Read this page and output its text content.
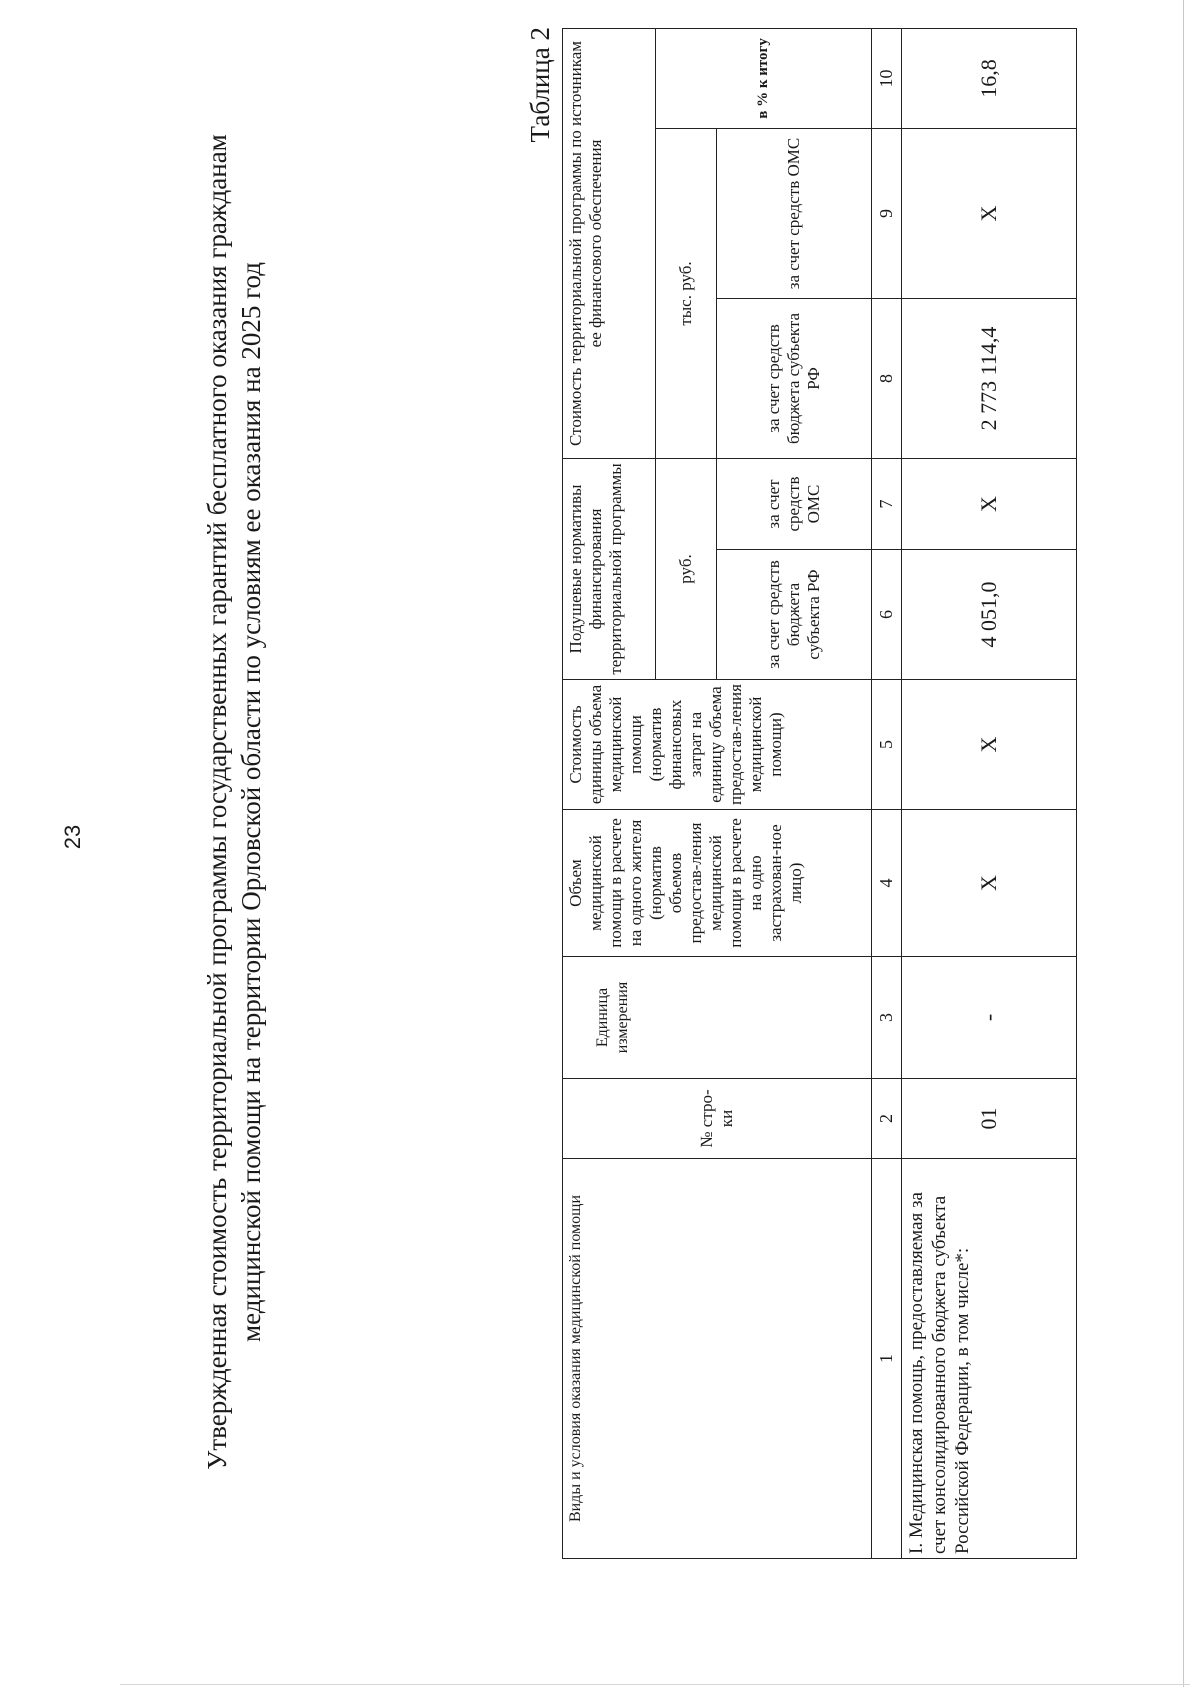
23	Утвержденная стоимость территориальной программы государственных гарантий бесплатного оказания гражданам медицинской помощи на территории Орловской области по условиям ее оказания на 2025 год
Таблица 2
Виды и условия оказания медицинской помощи	№ стро-ки	Единица измерения	Объем медицинской помощи в расчете на одного жителя (норматив объемов предостав-ления медицинской помощи в расчете на одно застрахован-ное лицо)	Стоимость единицы объема медицинской помощи (норматив финансовых затрат на единицу объема предостав-ления медицинской помощи)	Подушевые нормативы финансирования территориальной программы		Стоимость территориальной программы по источникам ее финансового обеспечения		
					руб.		тыс. руб.		в % к итогу
					за счет средств бюджета субъекта РФ	за счет средств ОМС	за счет средств бюджета субъекта РФ	за счет средств ОМС	
1	2	3	4	5	6	7	8	9	10
I. Медицинская помощь, предоставляемая за счет консолидированного бюджета субъекта Российской Федерации, в том числе*:	01	-	Х	Х	4 051,0	Х	2 773 114,4	Х	16,8
